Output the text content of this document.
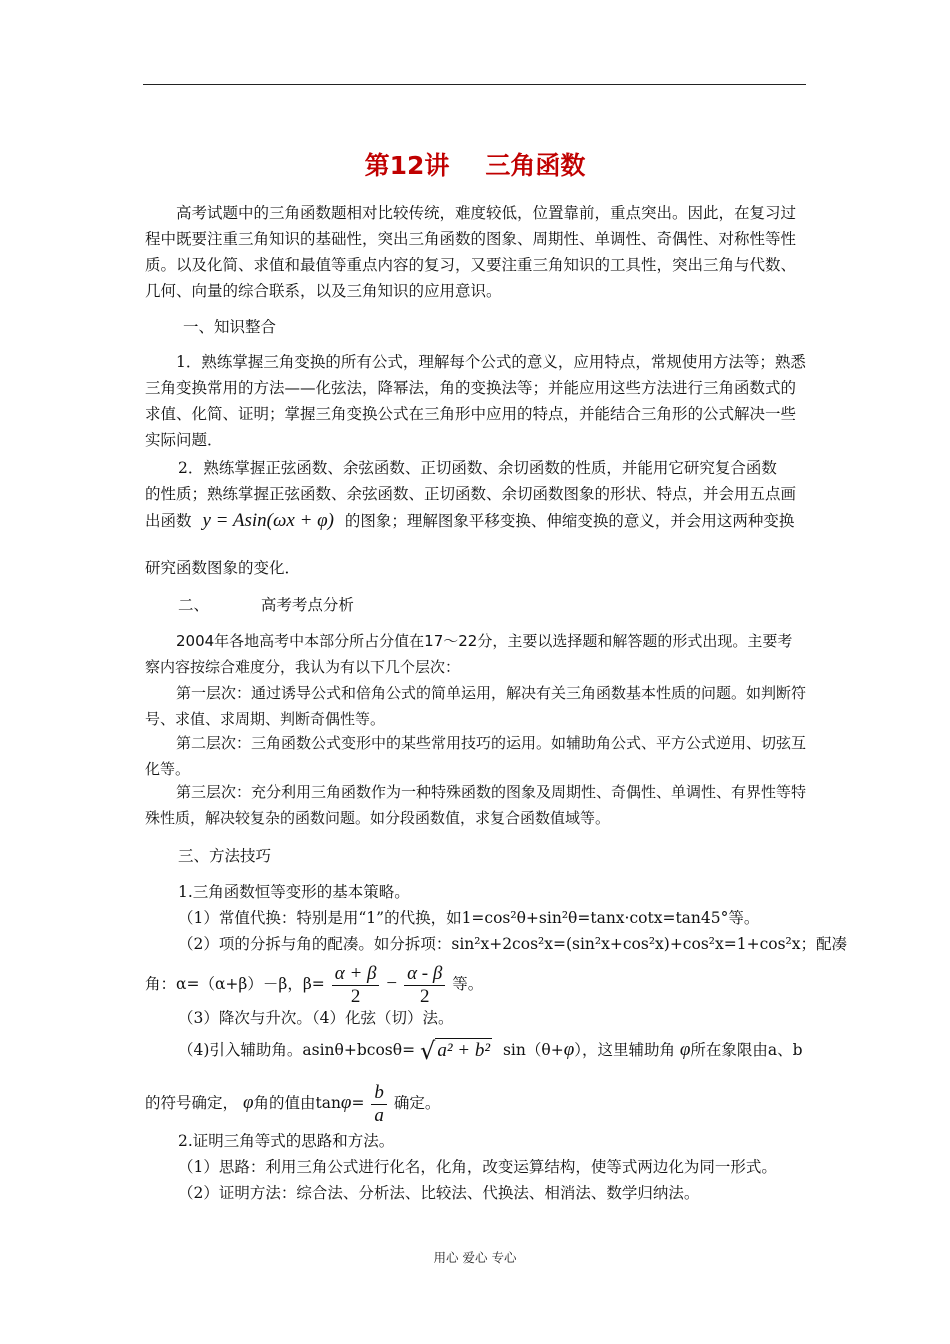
第12讲 三角函数
高考试题中的三角函数题相对比较传统，难度较低，位置靠前，重点突出。因此，在复习过程中既要注重三角知识的基础性，突出三角函数的图象、周期性、单调性、奇偶性、对称性等性质。以及化简、求值和最值等重点内容的复习，又要注重三角知识的工具性，突出三角与代数、几何、向量的综合联系，以及三角知识的应用意识。
一、知识整合
1．熟练掌握三角变换的所有公式，理解每个公式的意义，应用特点，常规使用方法等；熟悉三角变换常用的方法——化弦法，降幂法，角的变换法等；并能应用这些方法进行三角函数式的求值、化简、证明；掌握三角变换公式在三角形中应用的特点，并能结合三角形的公式解决一些实际问题．
2．熟练掌握正弦函数、余弦函数、正切函数、余切函数的性质，并能用它研究复合函数
的性质；熟练掌握正弦函数、余弦函数、正切函数、余切函数图象的形状、特点，并会用五点画
出函数 y = Asin(ωx + φ) 的图象；理解图象平移变换、伸缩变换的意义，并会用这两种变换
研究函数图象的变化．
二、	高考考点分析
2004年各地高考中本部分所占分值在17～22分，主要以选择题和解答题的形式出现。主要考察内容按综合难度分，我认为有以下几个层次：
第一层次：通过诱导公式和倍角公式的简单运用，解决有关三角函数基本性质的问题。如判断符号、求值、求周期、判断奇偶性等。
第二层次：三角函数公式变形中的某些常用技巧的运用。如辅助角公式、平方公式逆用、切弦互化等。
第三层次：充分利用三角函数作为一种特殊函数的图象及周期性、奇偶性、单调性、有界性等特殊性质，解决较复杂的函数问题。如分段函数值，求复合函数值域等。
三、方法技巧
1.三角函数恒等变形的基本策略。
（1）常值代换：特别是用“1”的代换，如1=cos²θ+sin²θ=tanx·cotx=tan45°等。
（2）项的分拆与角的配凑。如分拆项：sin²x+2cos²x=(sin²x+cos²x)+cos²x=1+cos²x；配凑
角：α=（α+β）－β，$\beta= \frac{\alpha + \beta}{2} - \frac{\alpha - \beta}{2}$ 等。
（3）降次与升次。（4）化弦（切）法。
（4)引入辅助角。asinθ+bcosθ= √ a² + b² sin（θ+φ），这里辅助角 φ所在象限由a、b
的符号确定， φ角的值由$\tan\varphi= \frac{b}{a}$ 确定。
2.证明三角等式的思路和方法。
（1）思路：利用三角公式进行化名，化角，改变运算结构，使等式两边化为同一形式。
（2）证明方法：综合法、分析法、比较法、代换法、相消法、数学归纳法。
用心 爱心 专心
